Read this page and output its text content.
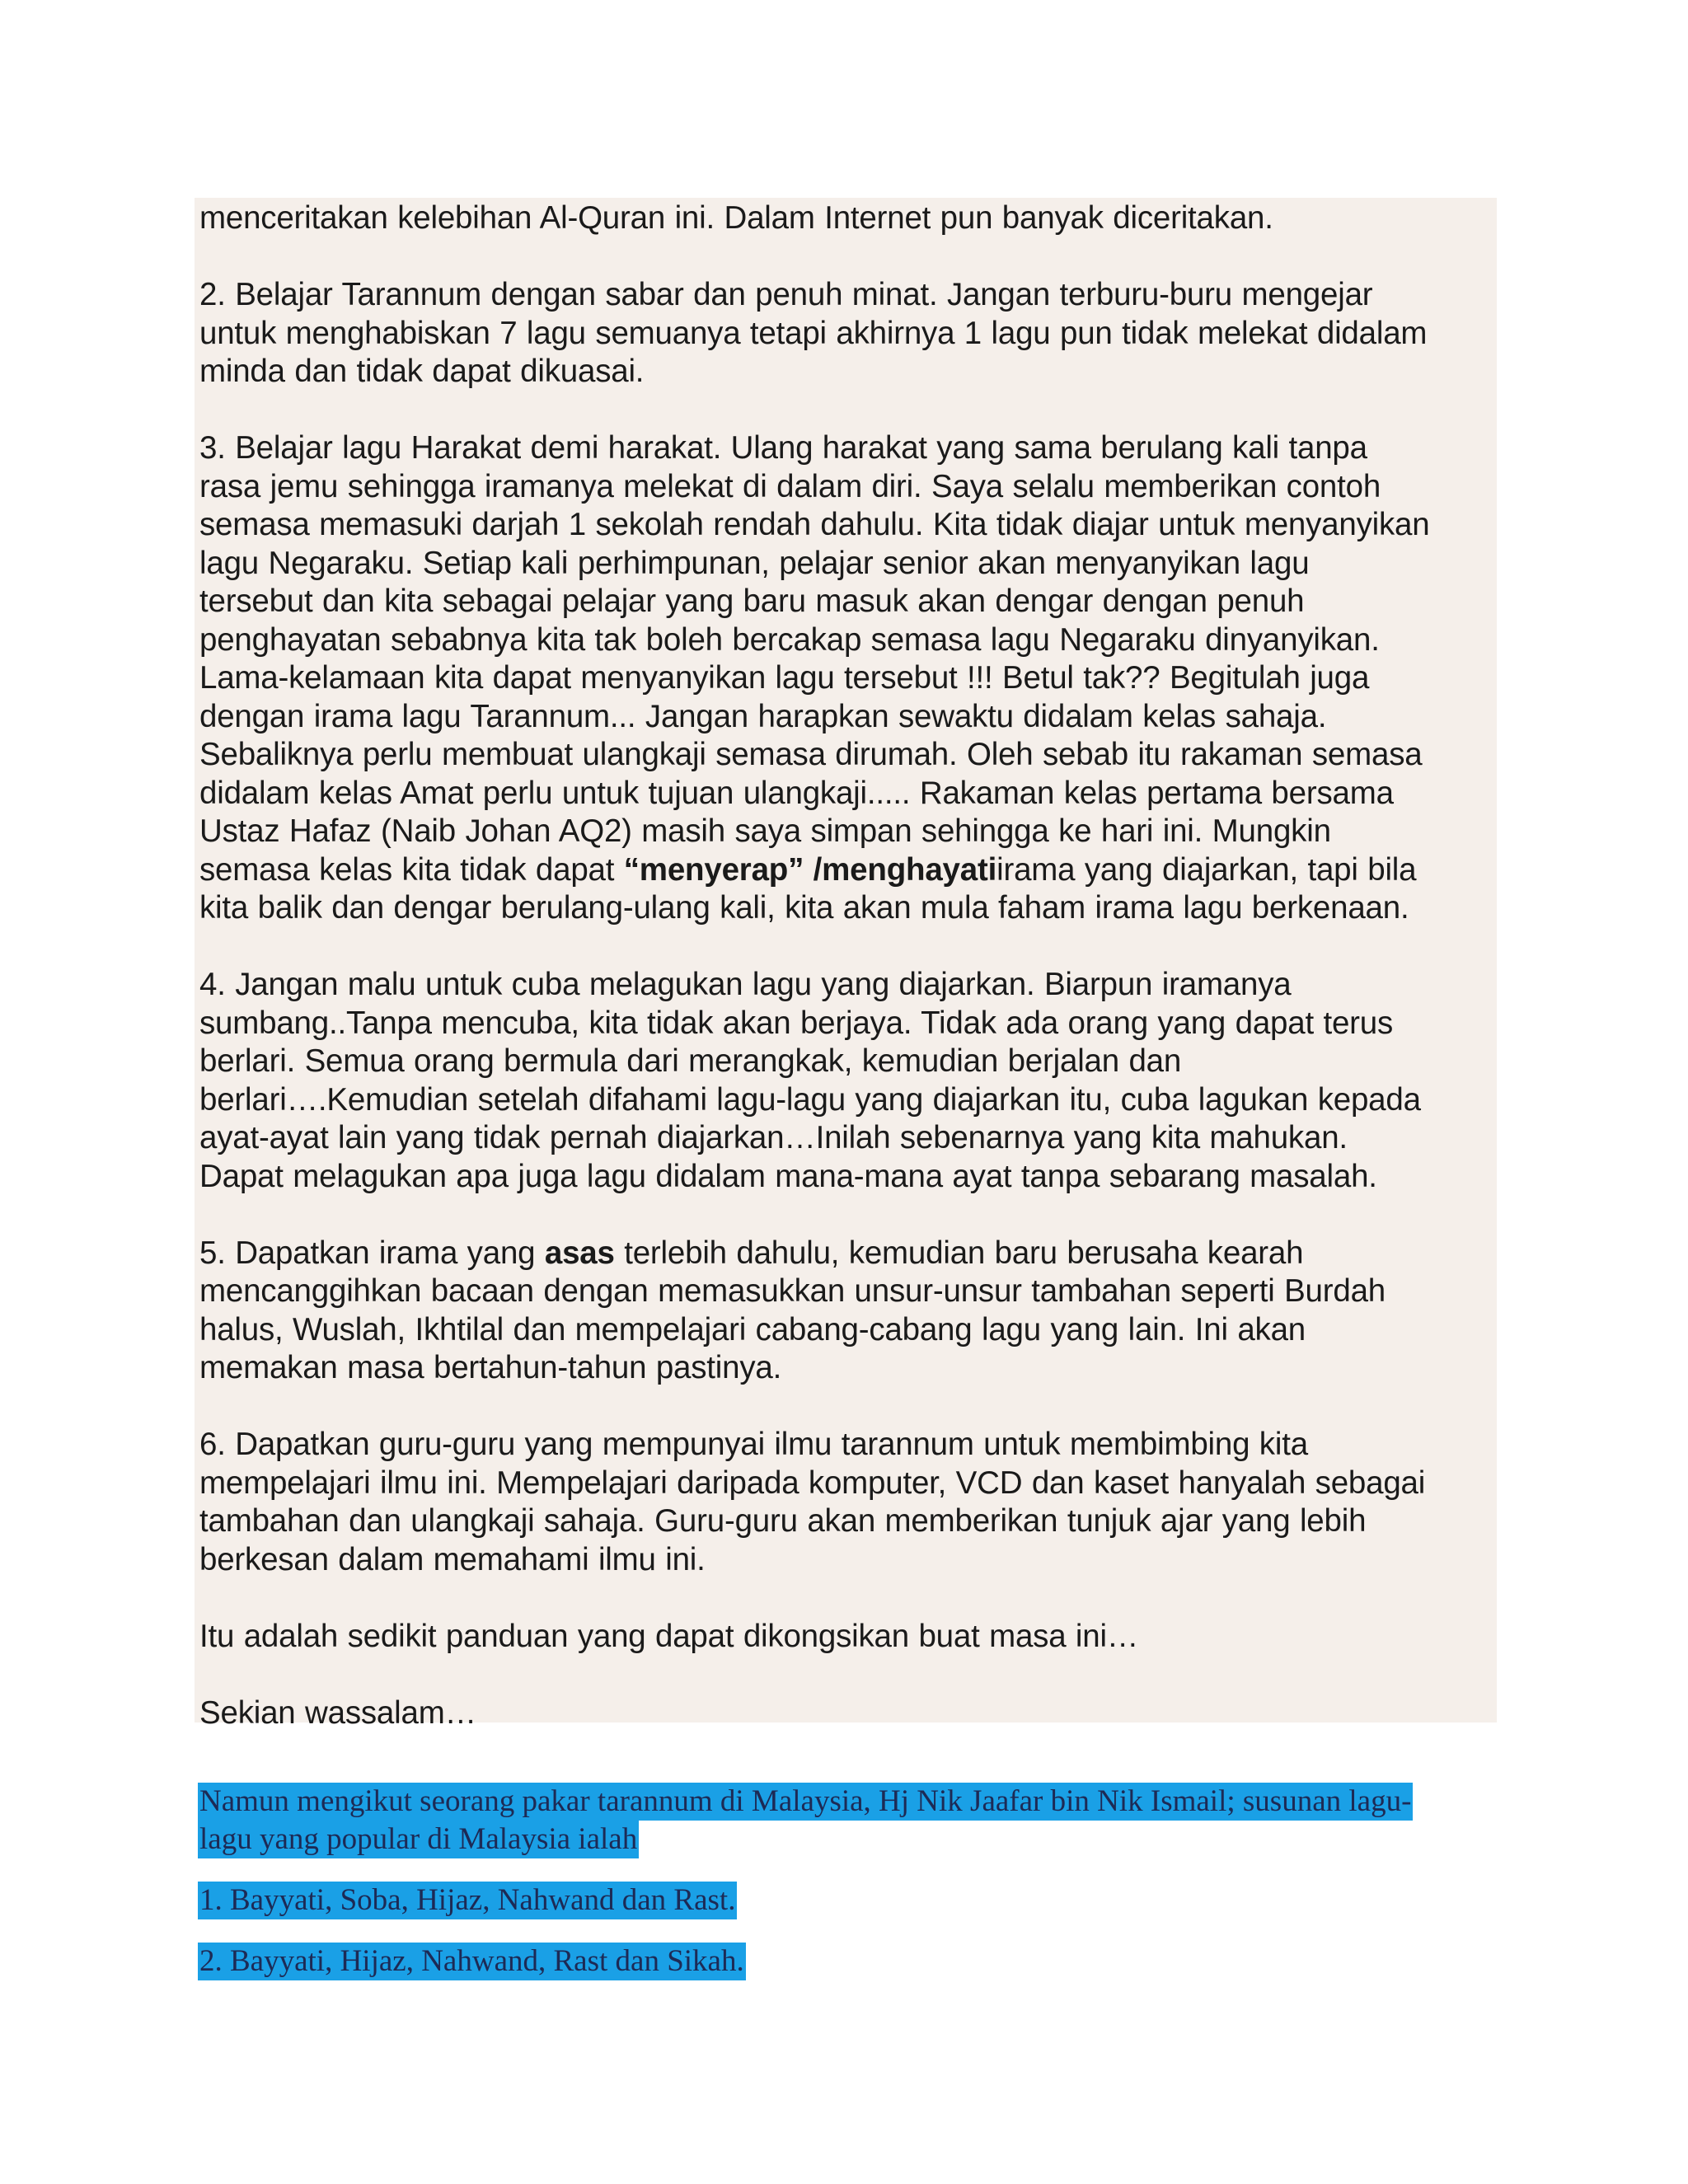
menceritakan kelebihan Al-Quran ini. Dalam Internet pun banyak diceritakan.

2. Belajar Tarannum dengan sabar dan penuh minat. Jangan terburu-buru mengejar
untuk menghabiskan 7 lagu semuanya tetapi akhirnya 1 lagu pun tidak melekat didalam
minda dan tidak dapat dikuasai.

3. Belajar lagu Harakat demi harakat. Ulang harakat yang sama berulang kali tanpa
rasa jemu sehingga iramanya melekat di dalam diri. Saya selalu memberikan contoh
semasa memasuki darjah 1 sekolah rendah dahulu. Kita tidak diajar untuk menyanyikan
lagu Negaraku. Setiap kali perhimpunan, pelajar senior akan menyanyikan lagu
tersebut dan kita sebagai pelajar yang baru masuk akan dengar dengan penuh
penghayatan sebabnya kita tak boleh bercakap semasa lagu Negaraku dinyanyikan.
Lama-kelamaan kita dapat menyanyikan lagu tersebut !!! Betul tak?? Begitulah juga
dengan irama lagu Tarannum... Jangan harapkan sewaktu didalam kelas sahaja.
Sebaliknya perlu membuat ulangkaji semasa dirumah. Oleh sebab itu rakaman semasa
didalam kelas Amat perlu untuk tujuan ulangkaji..... Rakaman kelas pertama bersama
Ustaz Hafaz (Naib Johan AQ2) masih saya simpan sehingga ke hari ini. Mungkin
semasa kelas kita tidak dapat “menyerap” /menghayatiirama yang diajarkan, tapi bila
kita balik dan dengar berulang-ulang kali, kita akan mula faham irama lagu berkenaan.

4. Jangan malu untuk cuba melagukan lagu yang diajarkan. Biarpun iramanya
sumbang..Tanpa mencuba, kita tidak akan berjaya. Tidak ada orang yang dapat terus
berlari. Semua orang bermula dari merangkak, kemudian berjalan dan
berlari….Kemudian setelah difahami lagu-lagu yang diajarkan itu, cuba lagukan kepada
ayat-ayat lain yang tidak pernah diajarkan…Inilah sebenarnya yang kita mahukan.
Dapat melagukan apa juga lagu didalam mana-mana ayat tanpa sebarang masalah.

5. Dapatkan irama yang asas terlebih dahulu, kemudian baru berusaha kearah
mencanggihkan bacaan dengan memasukkan unsur-unsur tambahan seperti Burdah
halus, Wuslah, Ikhtilal dan mempelajari cabang-cabang lagu yang lain. Ini akan
memakan masa bertahun-tahun pastinya.

6. Dapatkan guru-guru yang mempunyai ilmu tarannum untuk membimbing kita
mempelajari ilmu ini. Mempelajari daripada komputer, VCD dan kaset hanyalah sebagai
tambahan dan ulangkaji sahaja. Guru-guru akan memberikan tunjuk ajar yang lebih
berkesan dalam memahami ilmu ini.

Itu adalah sedikit panduan yang dapat dikongsikan buat masa ini…

Sekian wassalam…

Namun mengikut seorang pakar tarannum di Malaysia, Hj Nik Jaafar bin Nik Ismail; susunan lagu-
lagu yang popular di Malaysia ialah
1. Bayyati, Soba, Hijaz, Nahwand dan Rast.
2. Bayyati, Hijaz, Nahwand, Rast dan Sikah.
